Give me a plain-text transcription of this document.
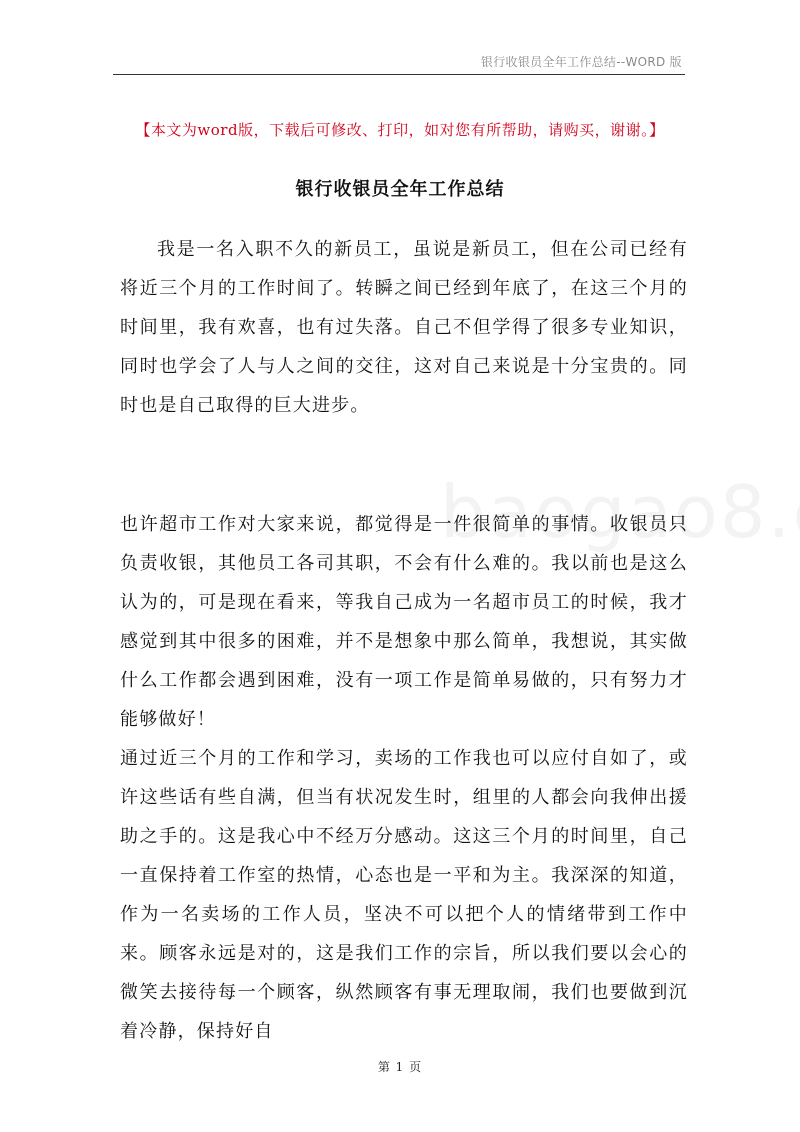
银行收银员全年工作总结--WORD 版
【本文为word版，下载后可修改、打印，如对您有所帮助，请购买，谢谢。】
银行收银员全年工作总结

我是一名入职不久的新员工，虽说是新员工，但在公司已经有将近三个月的工作时间了。转瞬之间已经到年底了，在这三个月的时间里，我有欢喜，也有过失落。自己不但学得了很多专业知识，同时也学会了人与人之间的交往，这对自己来说是十分宝贵的。同时也是自己取得的巨大进步。

也许超市工作对大家来说，都觉得是一件很简单的事情。收银员只负责收银，其他员工各司其职，不会有什么难的。我以前也是这么认为的，可是现在看来，等我自己成为一名超市员工的时候，我才感觉到其中很多的困难，并不是想象中那么简单，我想说，其实做什么工作都会遇到困难，没有一项工作是简单易做的，只有努力才能够做好！

通过近三个月的工作和学习，卖场的工作我也可以应付自如了，或许这些话有些自满，但当有状况发生时，组里的人都会向我伸出援助之手的。这是我心中不经万分感动。这这三个月的时间里，自己一直保持着工作室的热情，心态也是一平和为主。我深深的知道，作为一名卖场的工作人员，坚决不可以把个人的情绪带到工作中来。顾客永远是对的，这是我们工作的宗旨，所以我们要以会心的微笑去接待每一个顾客，纵然顾客有事无理取闹，我们也要做到沉着冷静，保持好自

第 1 页
